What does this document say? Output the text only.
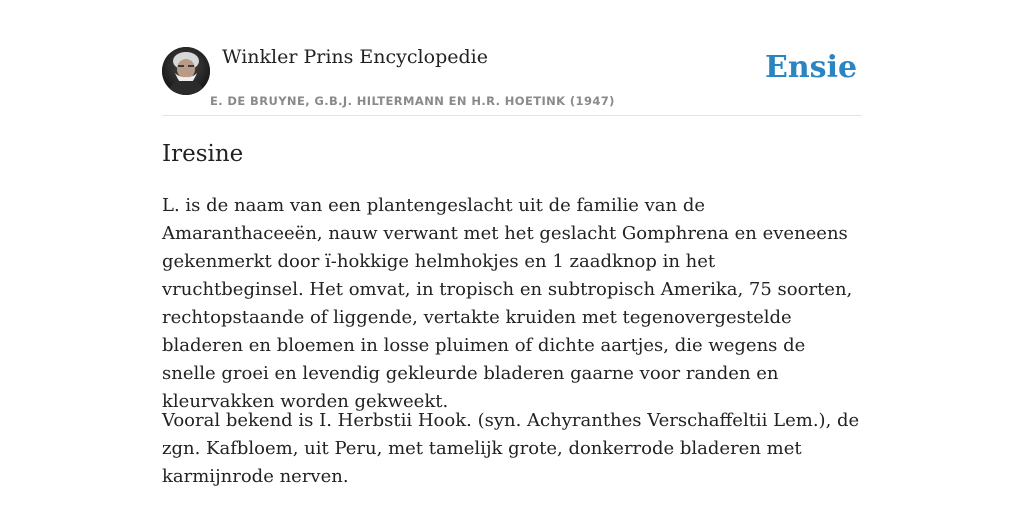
Winkler Prins Encyclopedie
E. DE BRUYNE, G.B.J. HILTERMANN EN H.R. HOETINK (1947)
Ensie
Iresine

L. is de naam van een plantengeslacht uit de familie van de Amaranthaceeën, nauw verwant met het geslacht Gomphrena en eveneens gekenmerkt door ï-hokkige helmhokjes en 1 zaadknop in het vruchtbeginsel. Het omvat, in tropisch en subtropisch Amerika, 75 soorten, rechtopstaande of liggende, vertakte kruiden met tegenovergestelde bladeren en bloemen in losse pluimen of dichte aartjes, die wegens de snelle groei en levendig gekleurde bladeren gaarne voor randen en kleurvakken worden gekweekt.

Vooral bekend is I. Herbstii Hook. (syn. Achyranthes Verschaffeltii Lem.), de zgn. Kafbloem, uit Peru, met tamelijk grote, donkerrode bladeren met karmijnrode nerven.
